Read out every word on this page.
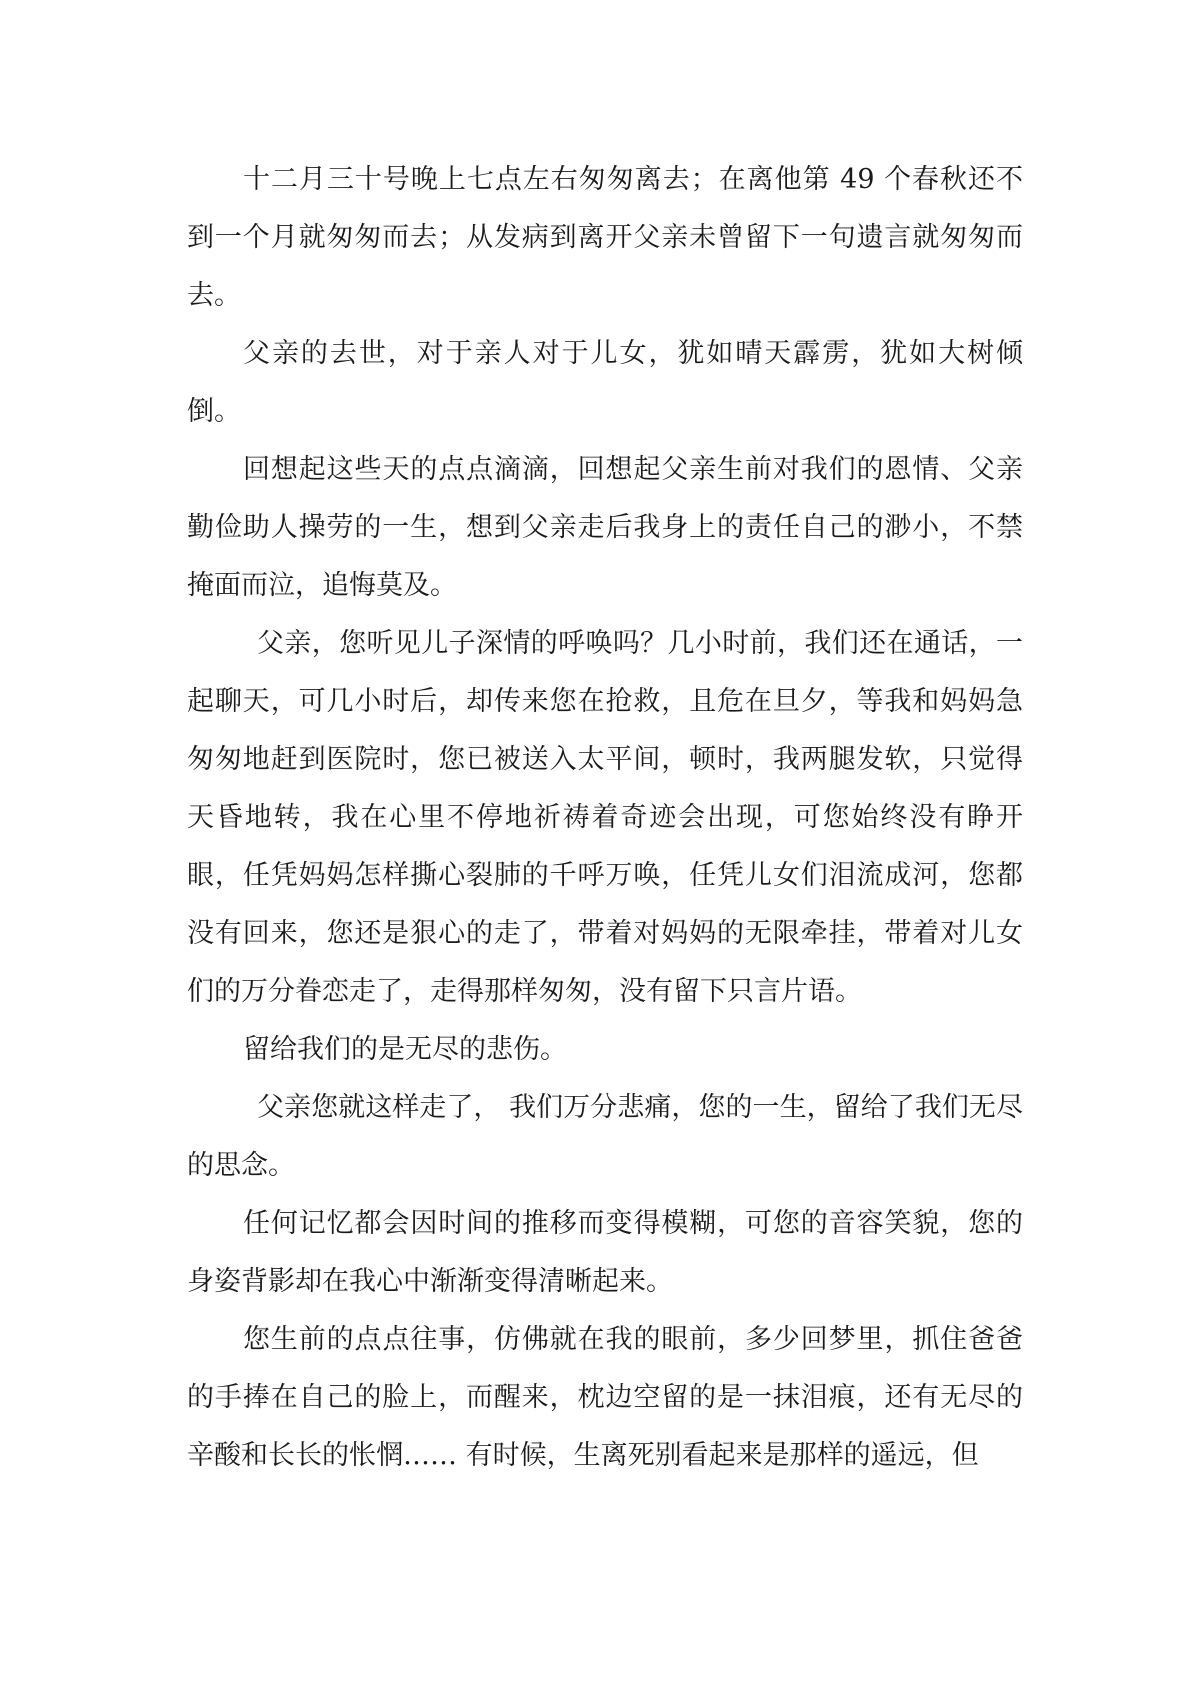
十二月三十号晚上七点左右匆匆离去；在离他第 49 个春秋还不到一个月就匆匆而去；从发病到离开父亲未曾留下一句遗言就匆匆而去。

父亲的去世，对于亲人对于儿女，犹如晴天霹雳，犹如大树倾倒。

回想起这些天的点点滴滴，回想起父亲生前对我们的恩情、父亲勤俭助人操劳的一生，想到父亲走后我身上的责任自己的渺小，不禁掩面而泣，追悔莫及。

父亲，您听见儿子深情的呼唤吗？几小时前，我们还在通话，一起聊天，可几小时后，却传来您在抢救，且危在旦夕，等我和妈妈急匆匆地赶到医院时，您已被送入太平间，顿时，我两腿发软，只觉得天昏地转，我在心里不停地祈祷着奇迹会出现，可您始终没有睁开眼，任凭妈妈怎样撕心裂肺的千呼万唤，任凭儿女们泪流成河，您都没有回来，您还是狠心的走了，带着对妈妈的无限牵挂，带着对儿女们的万分眷恋走了，走得那样匆匆，没有留下只言片语。

留给我们的是无尽的悲伤。

父亲您就这样走了， 我们万分悲痛，您的一生，留给了我们无尽的思念。

任何记忆都会因时间的推移而变得模糊，可您的音容笑貌，您的身姿背影却在我心中渐渐变得清晰起来。

您生前的点点往事，仿佛就在我的眼前，多少回梦里，抓住爸爸的手捧在自己的脸上，而醒来，枕边空留的是一抹泪痕，还有无尽的辛酸和长长的怅惘…… 有时候，生离死别看起来是那样的遥远，但
